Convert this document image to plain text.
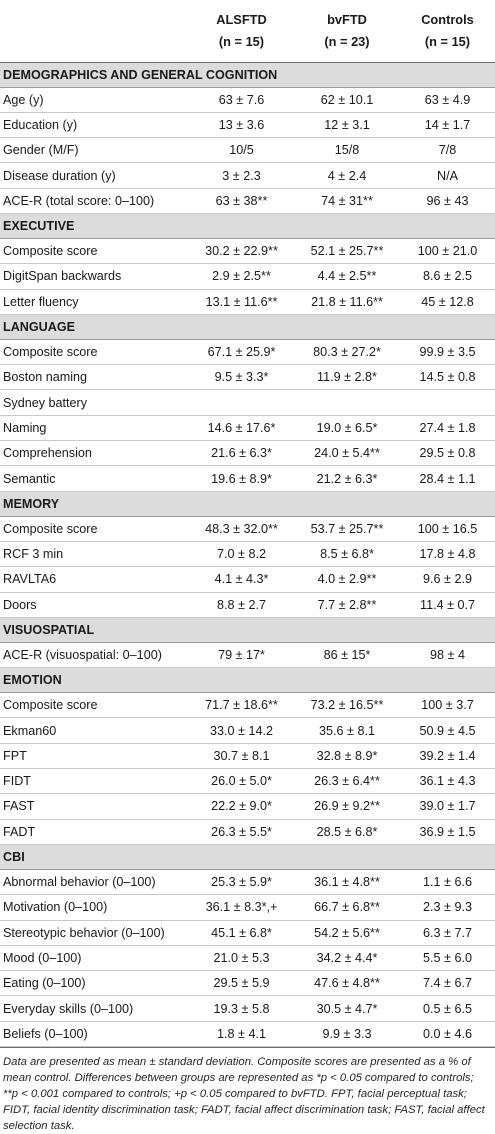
	ALSFTD	bvFTD	Controls
	(n = 15)	(n = 23)	(n = 15)
DEMOGRAPHICS AND GENERAL COGNITION			
Age (y)	63 ± 7.6	62 ± 10.1	63 ± 4.9
Education (y)	13 ± 3.6	12 ± 3.1	14 ± 1.7
Gender (M/F)	10/5	15/8	7/8
Disease duration (y)	3 ± 2.3	4 ± 2.4	N/A
ACE-R (total score: 0–100)	63 ± 38**	74 ± 31**	96 ± 43
EXECUTIVE			
Composite score	30.2 ± 22.9**	52.1 ± 25.7**	100 ± 21.0
DigitSpan backwards	2.9 ± 2.5**	4.4 ± 2.5**	8.6 ± 2.5
Letter fluency	13.1 ± 11.6**	21.8 ± 11.6**	45 ± 12.8
LANGUAGE			
Composite score	67.1 ± 25.9*	80.3 ± 27.2*	99.9 ± 3.5
Boston naming	9.5 ± 3.3*	11.9 ± 2.8*	14.5 ± 0.8
Sydney battery			
Naming	14.6 ± 17.6*	19.0 ± 6.5*	27.4 ± 1.8
Comprehension	21.6 ± 6.3*	24.0 ± 5.4**	29.5 ± 0.8
Semantic	19.6 ± 8.9*	21.2 ± 6.3*	28.4 ± 1.1
MEMORY			
Composite score	48.3 ± 32.0**	53.7 ± 25.7**	100 ± 16.5
RCF 3 min	7.0 ± 8.2	8.5 ± 6.8*	17.8 ± 4.8
RAVLTA6	4.1 ± 4.3*	4.0 ± 2.9**	9.6 ± 2.9
Doors	8.8 ± 2.7	7.7 ± 2.8**	11.4 ± 0.7
VISUOSPATIAL			
ACE-R (visuospatial: 0–100)	79 ± 17*	86 ± 15*	98 ± 4
EMOTION			
Composite score	71.7 ± 18.6**	73.2 ± 16.5**	100 ± 3.7
Ekman60	33.0 ± 14.2	35.6 ± 8.1	50.9 ± 4.5
FPT	30.7 ± 8.1	32.8 ± 8.9*	39.2 ± 1.4
FIDT	26.0 ± 5.0*	26.3 ± 6.4**	36.1 ± 4.3
FAST	22.2 ± 9.0*	26.9 ± 9.2**	39.0 ± 1.7
FADT	26.3 ± 5.5*	28.5 ± 6.8*	36.9 ± 1.5
CBI			
Abnormal behavior (0–100)	25.3 ± 5.9*	36.1 ± 4.8**	1.1 ± 6.6
Motivation (0–100)	36.1 ± 8.3*,+	66.7 ± 6.8**	2.3 ± 9.3
Stereotypic behavior (0–100)	45.1 ± 6.8*	54.2 ± 5.6**	6.3 ± 7.7
Mood (0–100)	21.0 ± 5.3	34.2 ± 4.4*	5.5 ± 6.0
Eating (0–100)	29.5 ± 5.9	47.6 ± 4.8**	7.4 ± 6.7
Everyday skills (0–100)	19.3 ± 5.8	30.5 ± 4.7*	0.5 ± 6.5
Beliefs (0–100)	1.8 ± 4.1	9.9 ± 3.3	0.0 ± 4.6
Data are presented as mean ± standard deviation. Composite scores are presented as a % of mean control. Differences between groups are represented as *p < 0.05 compared to controls; **p < 0.001 compared to controls; +p < 0.05 compared to bvFTD. FPT, facial perceptual task; FIDT, facial identity discrimination task; FADT, facial affect discrimination task; FAST, facial affect selection task.
